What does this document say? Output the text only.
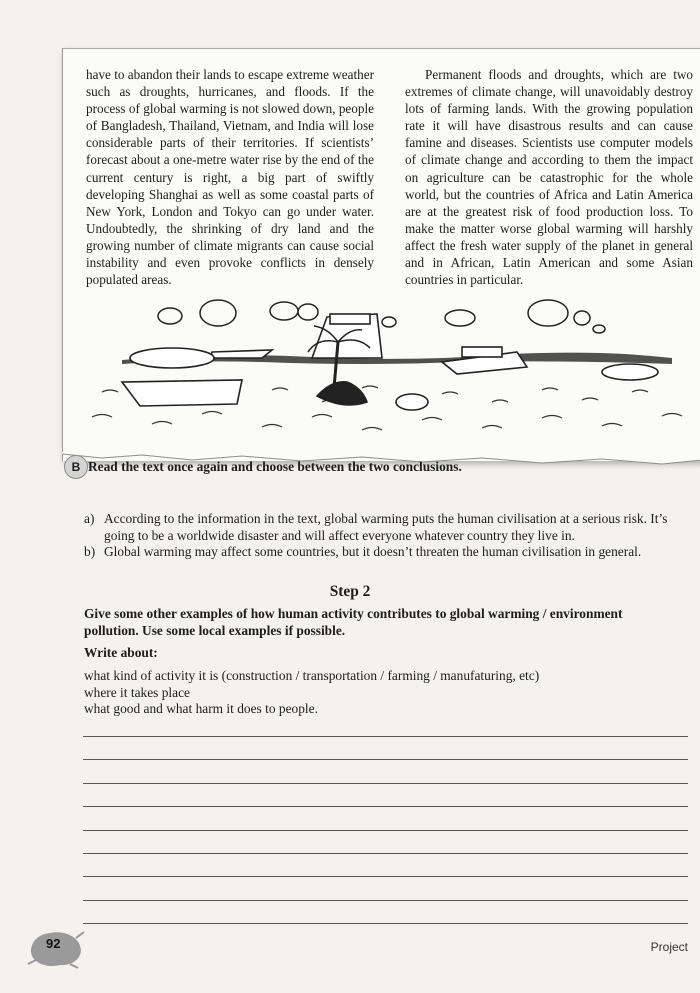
have to abandon their lands to escape extreme weather such as droughts, hurricanes, and floods. If the process of global warming is not slowed down, people of Bangladesh, Thailand, Vietnam, and India will lose considerable parts of their territories. If scientists’ forecast about a one-metre water rise by the end of the current century is right, a big part of swiftly developing Shanghai as well as some coastal parts of New York, London and Tokyo can go under water. Undoubtedly, the shrinking of dry land and the growing number of climate migrants can cause social instability and even provoke conflicts in densely populated areas.

Permanent floods and droughts, which are two extremes of climate change, will unavoidably destroy lots of farming lands. With the growing population rate it will have disastrous results and can cause famine and diseases. Scientists use computer models of climate change and according to them the impact on agriculture can be catastrophic for the whole world, but the countries of Africa and Latin America are at the greatest risk of food production loss. To make the matter worse global warming will harshly affect the fresh water supply of the planet in general and in African, Latin American and some Asian countries in particular.

B Read the text once again and choose between the two conclusions.
a) According to the information in the text, global warming puts the human civilisation at a serious risk. It’s going to be a worldwide disaster and will affect everyone whatever country they live in.
b) Global warming may affect some countries, but it doesn’t threaten the human civilisation in general.
Step 2
Give some other examples of how human activity contributes to global warming / environment pollution. Use some local examples if possible.
Write about:
what kind of activity it is (construction / transportation / farming / manufaturing, etc)
where it takes place
what good and what harm it does to people.
92	Project
